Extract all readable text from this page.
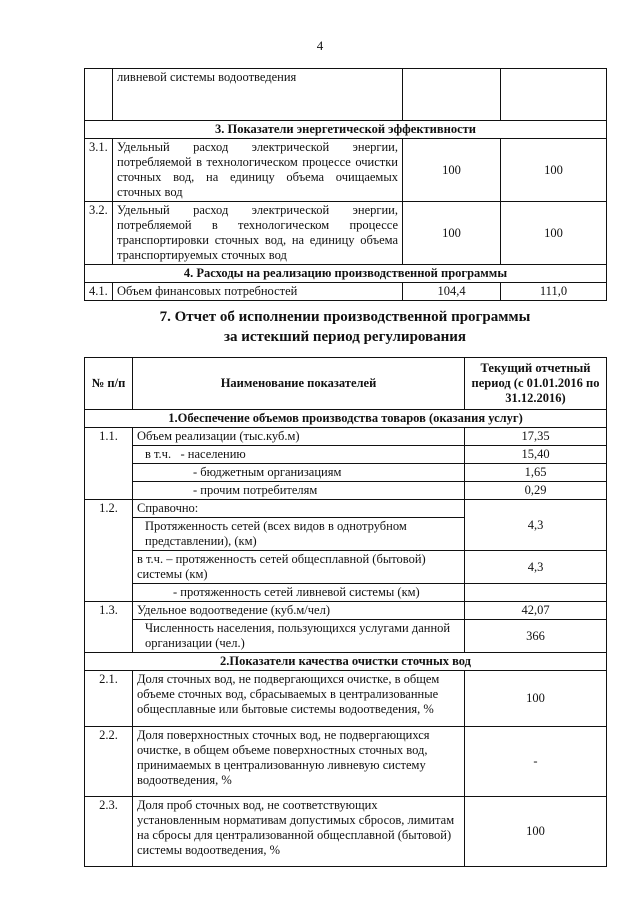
4
	ливневой системы водоотведения		
3. Показатели энергетической эффективности			
3.1.	Удельный расход электрической энергии, потребляемой в технологическом процессе очистки сточных вод, на единицу объема очищаемых сточных вод	100	100
3.2.	Удельный расход электрической энергии, потребляемой в технологическом процессе транспортировки сточных вод, на единицу объема транспортируемых сточных вод	100	100
4. Расходы на реализацию производственной программы			
4.1.	Объем финансовых потребностей	104,4	111,0
7. Отчет об исполнении производственной программы
за истекший период регулирования
№ п/п	Наименование показателей	Текущий отчетный период (с 01.01.2016 по 31.12.2016)
1.Обеспечение объемов производства товаров (оказания услуг)		
1.1.	Объем реализации (тыс.куб.м)	17,35
	в т.ч. - населению	15,40
	- бюджетным организациям	1,65
	- прочим потребителям	0,29
1.2.	Справочно:	4,3
	Протяженность сетей (всех видов в однотрубном представлении), (км)	
	в т.ч. – протяженность сетей общесплавной (бытовой) системы (км)	4,3
	- протяженность сетей ливневой системы (км)	
1.3.	Удельное водоотведение (куб.м/чел)	42,07
	Численность населения, пользующихся услугами данной организации (чел.)	366
2.Показатели качества очистки сточных вод		
2.1.	Доля сточных вод, не подвергающихся очистке, в общем объеме сточных вод, сбрасываемых в централизованные общесплавные или бытовые системы водоотведения, %	100
2.2.	Доля поверхностных сточных вод, не подвергающихся очистке, в общем объеме поверхностных сточных вод, принимаемых в централизованную ливневую систему водоотведения, %	-
2.3.	Доля проб сточных вод, не соответствующих установленным нормативам допустимых сбросов, лимитам на сбросы для централизованной общесплавной (бытовой) системы водоотведения, %	100
